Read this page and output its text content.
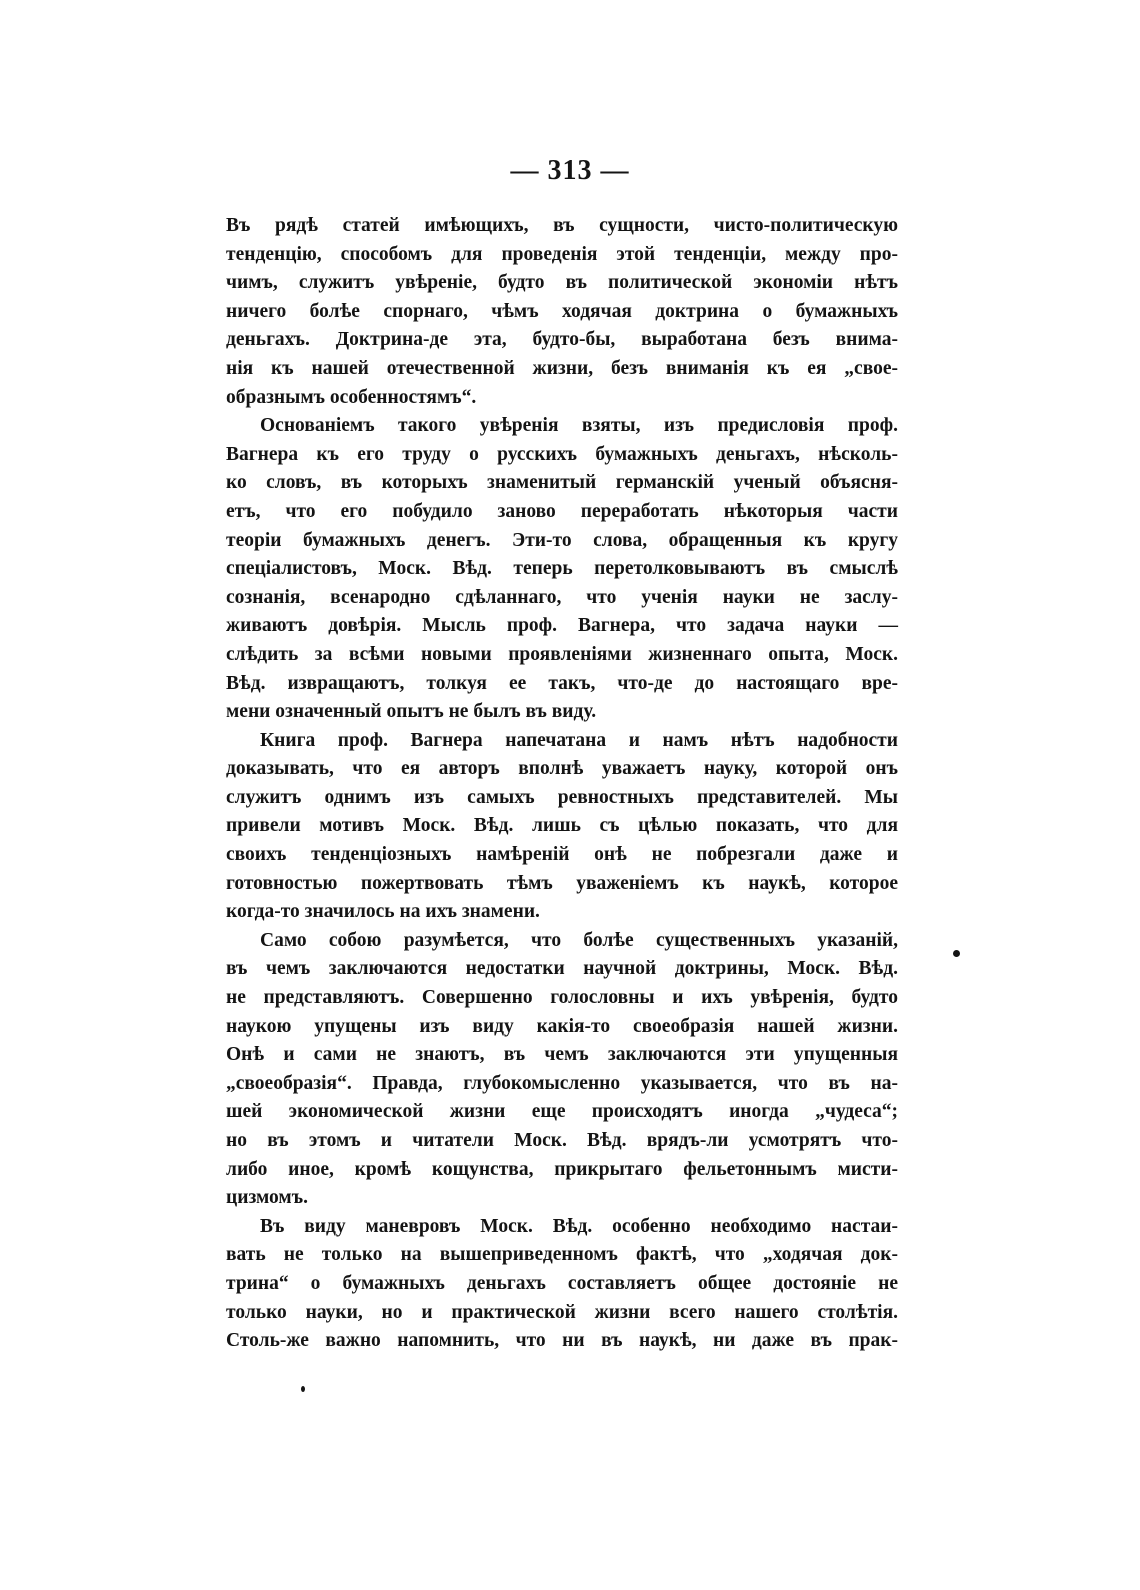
— 313 —
Въ рядѣ статей имѣющихъ, въ сущности, чисто-политическую
тенденцію, способомъ для проведенія этой тенденціи, между про-
чимъ, служитъ увѣреніе, будто въ политической экономіи нѣтъ
ничего болѣе спорнаго, чѣмъ ходячая доктрина о бумажныхъ
деньгахъ. Доктрина-де эта, будто-бы, выработана безъ внима-
нія къ нашей отечественной жизни, безъ вниманія къ ея „свое-
образнымъ особенностямъ“.
Основаніемъ такого увѣренія взяты, изъ предисловія проф.
Вагнера къ его труду о русскихъ бумажныхъ деньгахъ, нѣсколь-
ко словъ, въ которыхъ знаменитый германскій ученый объясня-
етъ, что его побудило заново переработать нѣкоторыя части
теоріи бумажныхъ денегъ. Эти-то слова, обращенныя къ кругу
спеціалистовъ, Моск. Вѣд. теперь перетолковываютъ въ смыслѣ
сознанія, всенародно сдѣланнаго, что ученія науки не заслу-
живаютъ довѣрія. Мысль проф. Вагнера, что задача науки —
слѣдить за всѣми новыми проявленіями жизненнаго опыта, Моск.
Вѣд. извращаютъ, толкуя ее такъ, что-де до настоящаго вре-
мени означенный опытъ не былъ въ виду.
Книга проф. Вагнера напечатана и намъ нѣтъ надобности
доказывать, что ея авторъ вполнѣ уважаетъ науку, которой онъ
служитъ однимъ изъ самыхъ ревностныхъ представителей. Мы
привели мотивъ Моск. Вѣд. лишь съ цѣлью показать, что для
своихъ тенденціозныхъ намѣреній онѣ не побрезгали даже и
готовностью пожертвовать тѣмъ уваженіемъ къ наукѣ, которое
когда-то значилось на ихъ знамени.
Само собою разумѣется, что болѣе существенныхъ указаній,
въ чемъ заключаются недостатки научной доктрины, Моск. Вѣд.
не представляютъ. Совершенно голословны и ихъ увѣренія, будто
наукою упущены изъ виду какія-то своеобразія нашей жизни.
Онѣ и сами не знаютъ, въ чемъ заключаются эти упущенныя
„своеобразія“. Правда, глубокомысленно указывается, что въ на-
шей экономической жизни еще происходятъ иногда „чудеса“;
но въ этомъ и читатели Моск. Вѣд. врядъ-ли усмотрятъ что-
либо иное, кромѣ кощунства, прикрытаго фельетоннымъ мисти-
цизмомъ.
Въ виду маневровъ Моск. Вѣд. особенно необходимо настаи-
вать не только на вышеприведенномъ фактѣ, что „ходячая док-
трина“ о бумажныхъ деньгахъ составляетъ общее достояніе не
только науки, но и практической жизни всего нашего столѣтія.
Столь-же важно напомнить, что ни въ наукѣ, ни даже въ прак-
